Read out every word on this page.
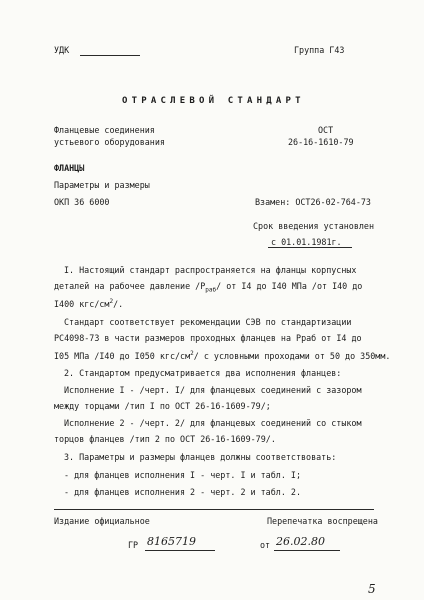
УДК	Группа Г43
ОТРАСЛЕВОЙ СТАНДАРТ
Фланцевые соединения
устьевого оборудования
ФЛАНЦЫ
Параметры и размеры
ОКП 36 6000
ОСТ
26-16-1610-79
Взамен: ОСТ26-02-764-73
Срок введения установлен
с 01.01.1981г.
I. Настоящий стандарт распространяется на фланцы корпусных
деталей на рабочее давление $/Р_{раб}/$ от I4 до I40 МПа /от I40 до
I400 кгс/$см^2/$.
Стандарт соответствует рекомендации СЭВ по стандартизации
РС4098-73 в части размеров проходных фланцев на Рраб от I4 до
I05 МПа /I40 до I050 кгс/$см^2/$ с условными проходами от 50 до 350мм.
2. Стандартом предусматривается два исполнения фланцев:
Исполнение I - /черт. I/ для фланцевых соединений с зазором
между торцами /тип I по ОСТ 26-16-1609-79/;
Исполнение 2 - /черт. 2/ для фланцевых соединений со стыком
торцов фланцев /тип 2 по ОСТ 26-16-1609-79/.
3. Параметры и размеры фланцев должны соответствовать:
- для фланцев исполнения I - черт. I и табл. I;
- для фланцев исполнения 2 - черт. 2 и табл. 2.
Издание официальное	Перепечатка воспрещена
ГР 8165719	от 26.02.80
5
